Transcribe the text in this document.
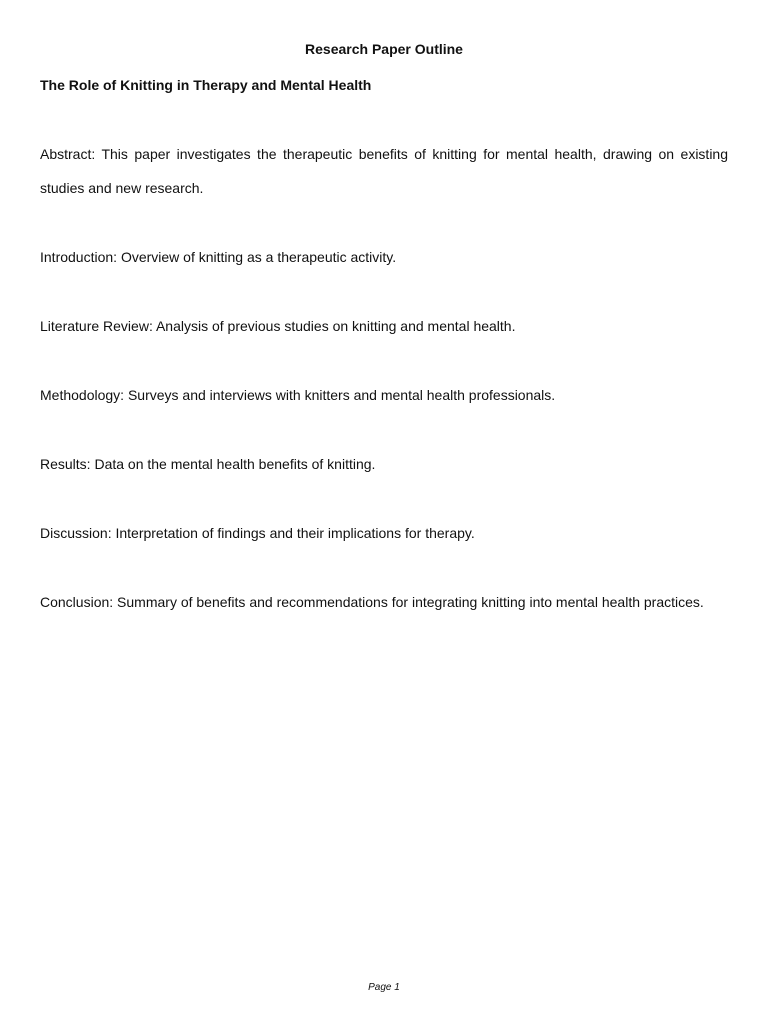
Research Paper Outline
The Role of Knitting in Therapy and Mental Health

Abstract: This paper investigates the therapeutic benefits of knitting for mental health, drawing on existing studies and new research.

Introduction: Overview of knitting as a therapeutic activity.

Literature Review: Analysis of previous studies on knitting and mental health.

Methodology: Surveys and interviews with knitters and mental health professionals.

Results: Data on the mental health benefits of knitting.

Discussion: Interpretation of findings and their implications for therapy.

Conclusion: Summary of benefits and recommendations for integrating knitting into mental health practices.

Page 1
